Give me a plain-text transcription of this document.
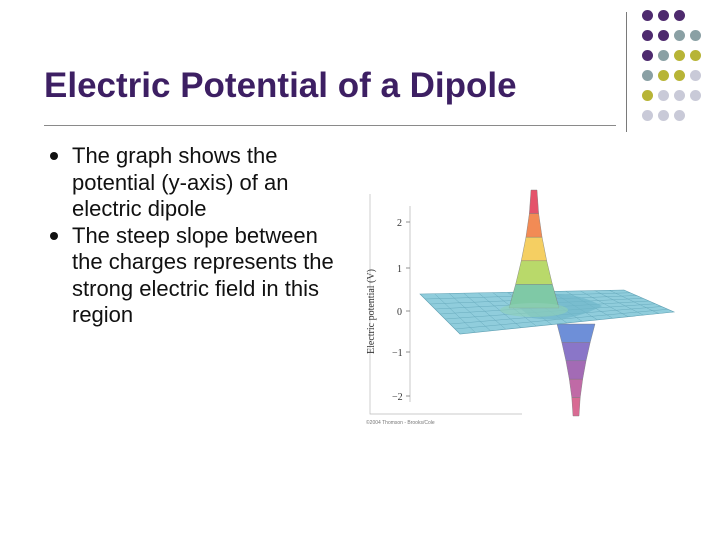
Electric Potential of a Dipole
The graph shows the potential (y-axis) of an electric dipole
The steep slope between the charges represents the strong electric field in this region
2
1
0
−1
−2
Electric potential (V)
©2004 Thomson - Brooks/Cole
